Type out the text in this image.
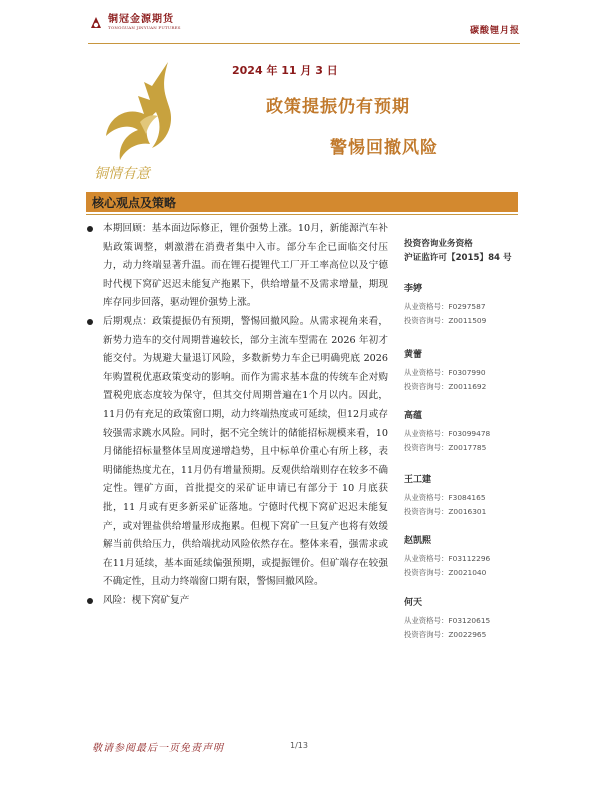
铜冠金源期货
TONGGUAN JINYUAN FUTURES	碳酸锂月报
铜情有意
2024 年 11 月 3 日
政策提振仍有预期
警惕回撤风险
核心观点及策略

本期回顾：基本面边际修正，锂价强势上涨。10月，新能源汽车补贴政策调整，刺激潜在消费者集中入市。部分车企已面临交付压力，动力终端显著升温。而在锂石提锂代工厂开工率高位以及宁德时代枧下窝矿迟迟未能复产拖累下，供给增量不及需求增量，期现库存同步回落，驱动锂价强势上涨。

后期观点：政策提振仍有预期，警惕回撤风险。从需求视角来看，新势力造车的交付周期普遍较长，部分主流车型需在 2026 年初才能交付。为规避大量退订风险，多数新势力车企已明确兜底 2026 年购置税优惠政策变动的影响。而作为需求基本盘的传统车企对购置税兜底态度较为保守，但其交付周期普遍在1个月以内。因此，11月仍有充足的政策窗口期，动力终端热度或可延续，但12月或存较强需求跳水风险。同时，据不完全统计的储能招标规模来看，10月储能招标量整体呈周度递增趋势，且中标单价重心有所上移，表明储能热度尤在，11月仍有增量预期。反观供给端则存在较多不确定性。锂矿方面，首批提交的采矿证申请已有部分于 10 月底获批，11 月或有更多新采矿证落地。宁德时代枧下窝矿迟迟未能复产，或对锂盐供给增量形成拖累。但枧下窝矿一旦复产也将有效缓解当前供给压力，供给端扰动风险依然存在。整体来看，强需求或在11月延续，基本面延续偏强预期，或提振锂价。但矿端存在较强不确定性，且动力终端窗口期有限，警惕回撤风险。

风险：枧下窝矿复产

投资咨询业务资格
沪证监许可【2015】84 号
李婷
从业资格号：F0297587
投资咨询号：Z0011509
黄蕾
从业资格号：F0307990
投资咨询号：Z0011692
高蕴
从业资格号：F03099478
投资咨询号：Z0017785
王工建
从业资格号：F3084165
投资咨询号：Z0016301
赵凯熙
从业资格号：F03112296
投资咨询号：Z0021040
何天
从业资格号：F03120615
投资咨询号：Z0022965
敬请参阅最后一页免责声明	1/13
